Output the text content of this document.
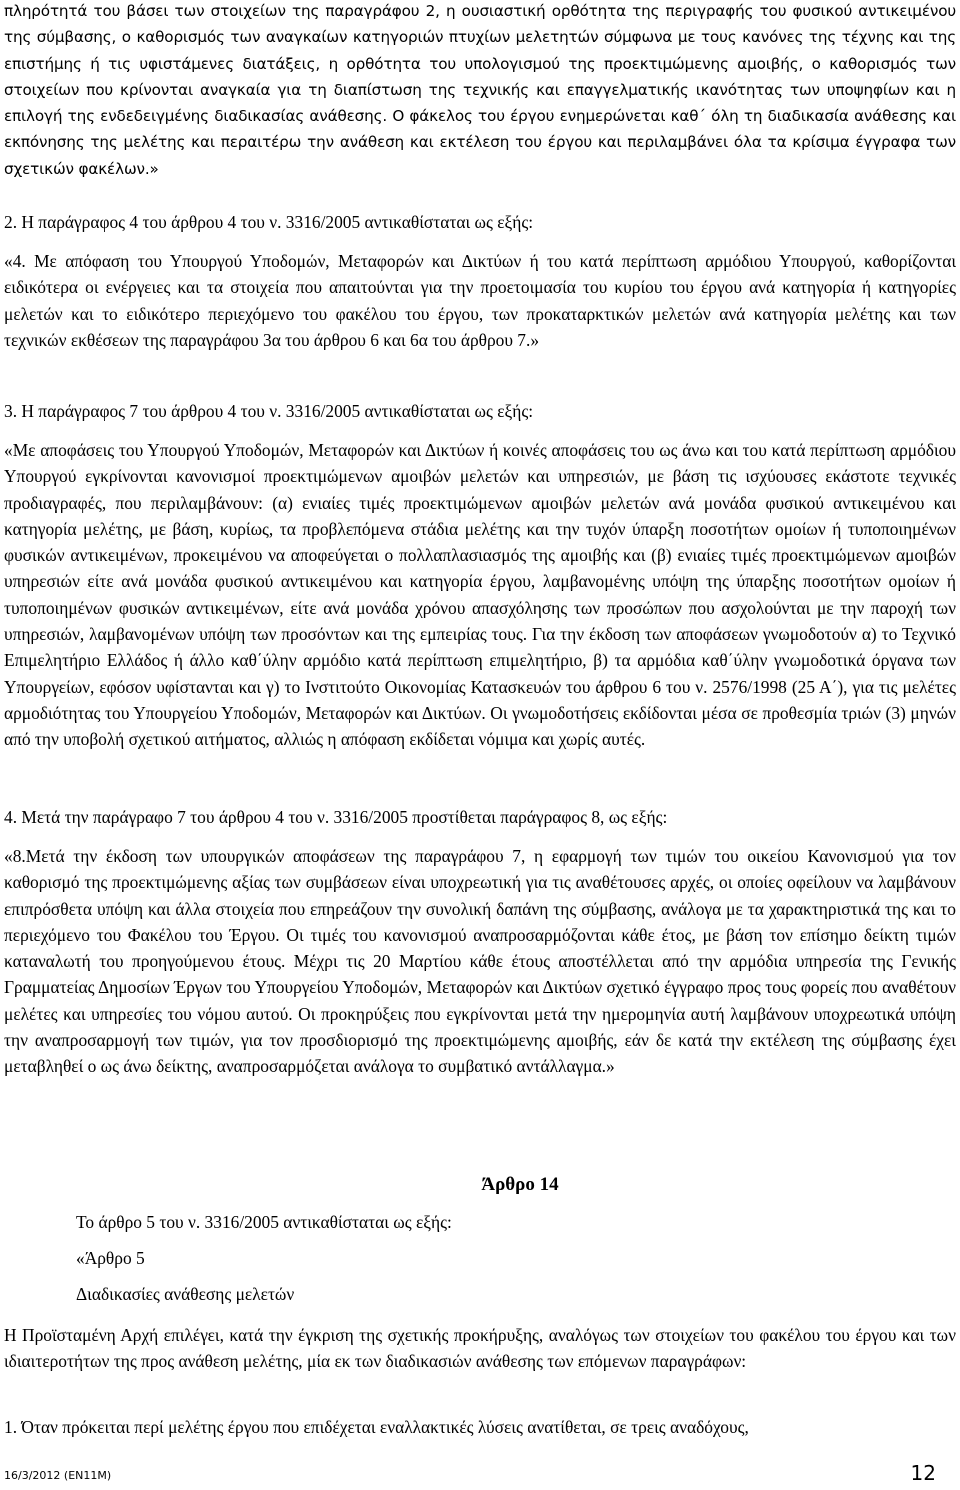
πληρότητά του βάσει των στοιχείων της παραγράφου 2, η ουσιαστική ορθότητα της περιγραφής του φυσικού αντικειμένου της σύμβασης, ο καθορισμός των αναγκαίων κατηγοριών πτυχίων μελετητών σύμφωνα με τους κανόνες της τέχνης και της επιστήμης ή τις υφιστάμενες διατάξεις, η ορθότητα του υπολογισμού της προεκτιμώμενης αμοιβής, ο καθορισμός των στοιχείων που κρίνονται αναγκαία για τη διαπίστωση της τεχνικής και επαγγελματικής ικανότητας των υποψηφίων και η επιλογή της ενδεδειγμένης διαδικασίας ανάθεσης. Ο φάκελος του έργου ενημερώνεται καθ΄ όλη τη διαδικασία ανάθεσης και εκπόνησης της μελέτης και περαιτέρω την ανάθεση και εκτέλεση του έργου και περιλαμβάνει όλα τα κρίσιμα έγγραφα των σχετικών φακέλων.»

2. Η παράγραφος 4 του άρθρου 4 του ν. 3316/2005 αντικαθίσταται ως εξής:

«4. Με απόφαση του Υπουργού Υποδομών, Μεταφορών και Δικτύων ή του κατά περίπτωση αρμόδιου Υπουργού, καθορίζονται ειδικότερα οι ενέργειες και τα στοιχεία που απαιτούνται για την προετοιμασία του κυρίου του έργου ανά κατηγορία ή κατηγορίες μελετών και το ειδικότερο περιεχόμενο του φακέλου του έργου, των προκαταρκτικών μελετών ανά κατηγορία μελέτης και των τεχνικών εκθέσεων της παραγράφου 3α του άρθρου 6 και 6α του άρθρου 7.»

3. Η παράγραφος 7 του άρθρου 4 του ν. 3316/2005 αντικαθίσταται ως εξής:

«Με αποφάσεις του Υπουργού Υποδομών, Μεταφορών και Δικτύων ή κοινές αποφάσεις του ως άνω και του κατά περίπτωση αρμόδιου Υπουργού εγκρίνονται κανονισμοί προεκτιμώμενων αμοιβών μελετών και υπηρεσιών, με βάση τις ισχύουσες εκάστοτε τεχνικές προδιαγραφές, που περιλαμβάνουν: (α) ενιαίες τιμές προεκτιμώμενων αμοιβών μελετών ανά μονάδα φυσικού αντικειμένου και κατηγορία μελέτης, με βάση, κυρίως, τα προβλεπόμενα στάδια μελέτης και την τυχόν ύπαρξη ποσοτήτων ομοίων ή τυποποιημένων φυσικών αντικειμένων, προκειμένου να αποφεύγεται ο πολλαπλασιασμός της αμοιβής και (β) ενιαίες τιμές προεκτιμώμενων αμοιβών υπηρεσιών είτε ανά μονάδα φυσικού αντικειμένου και κατηγορία έργου, λαμβανομένης υπόψη της ύπαρξης ποσοτήτων ομοίων ή τυποποιημένων φυσικών αντικειμένων, είτε ανά μονάδα χρόνου απασχόλησης των προσώπων που ασχολούνται με την παροχή των υπηρεσιών, λαμβανομένων υπόψη των προσόντων και της εμπειρίας τους. Για την έκδοση των αποφάσεων γνωμοδοτούν α) το Τεχνικό Επιμελητήριο Ελλάδος ή άλλο καθ΄ύλην αρμόδιο κατά περίπτωση επιμελητήριο, β) τα αρμόδια καθ΄ύλην γνωμοδοτικά όργανα των Υπουργείων, εφόσον υφίστανται και γ) το Ινστιτούτο Οικονομίας Κατασκευών του άρθρου 6 του ν. 2576/1998 (25 Α΄), για τις μελέτες αρμοδιότητας του Υπουργείου Υποδομών, Μεταφορών και Δικτύων. Οι γνωμοδοτήσεις εκδίδονται μέσα σε προθεσμία τριών (3) μηνών από την υποβολή σχετικού αιτήματος, αλλιώς η απόφαση εκδίδεται νόμιμα και χωρίς αυτές.

4. Μετά την παράγραφο 7 του άρθρου 4 του ν. 3316/2005 προστίθεται παράγραφος 8, ως εξής:

«8.Μετά την έκδοση των υπουργικών αποφάσεων της παραγράφου 7, η εφαρμογή των τιμών του οικείου Κανονισμού για τον καθορισμό της προεκτιμώμενης αξίας των συμβάσεων είναι υποχρεωτική για τις αναθέτουσες αρχές, οι οποίες οφείλουν να λαμβάνουν επιπρόσθετα υπόψη και άλλα στοιχεία που επηρεάζουν την συνολική δαπάνη της σύμβασης, ανάλογα με τα χαρακτηριστικά της και το περιεχόμενο του Φακέλου του Έργου. Οι τιμές του κανονισμού αναπροσαρμόζονται κάθε έτος, με βάση τον επίσημο δείκτη τιμών καταναλωτή του προηγούμενου έτους. Μέχρι τις 20 Μαρτίου κάθε έτους αποστέλλεται από την αρμόδια υπηρεσία της Γενικής Γραμματείας Δημοσίων Έργων του Υπουργείου Υποδομών, Μεταφορών και Δικτύων σχετικό έγγραφο προς τους φορείς που αναθέτουν μελέτες και υπηρεσίες του νόμου αυτού. Οι προκηρύξεις που εγκρίνονται μετά την ημερομηνία αυτή λαμβάνουν υποχρεωτικά υπόψη την αναπροσαρμογή των τιμών, για τον προσδιορισμό της προεκτιμώμενης αμοιβής, εάν δε κατά την εκτέλεση της σύμβασης έχει μεταβληθεί ο ως άνω δείκτης, αναπροσαρμόζεται ανάλογα το συμβατικό αντάλλαγμα.»

Άρθρο 14

Το άρθρο 5 του ν. 3316/2005 αντικαθίσταται ως εξής:

«Άρθρο 5

Διαδικασίες ανάθεσης μελετών

Η Προϊσταμένη Αρχή επιλέγει, κατά την έγκριση της σχετικής προκήρυξης, αναλόγως των στοιχείων του φακέλου του έργου και των ιδιαιτεροτήτων της προς ανάθεση μελέτης, μία εκ των διαδικασιών ανάθεσης των επόμενων παραγράφων:

1. Όταν πρόκειται περί μελέτης έργου που επιδέχεται εναλλακτικές λύσεις ανατίθεται, σε τρεις αναδόχους,

16/3/2012 (EN11M)	12
